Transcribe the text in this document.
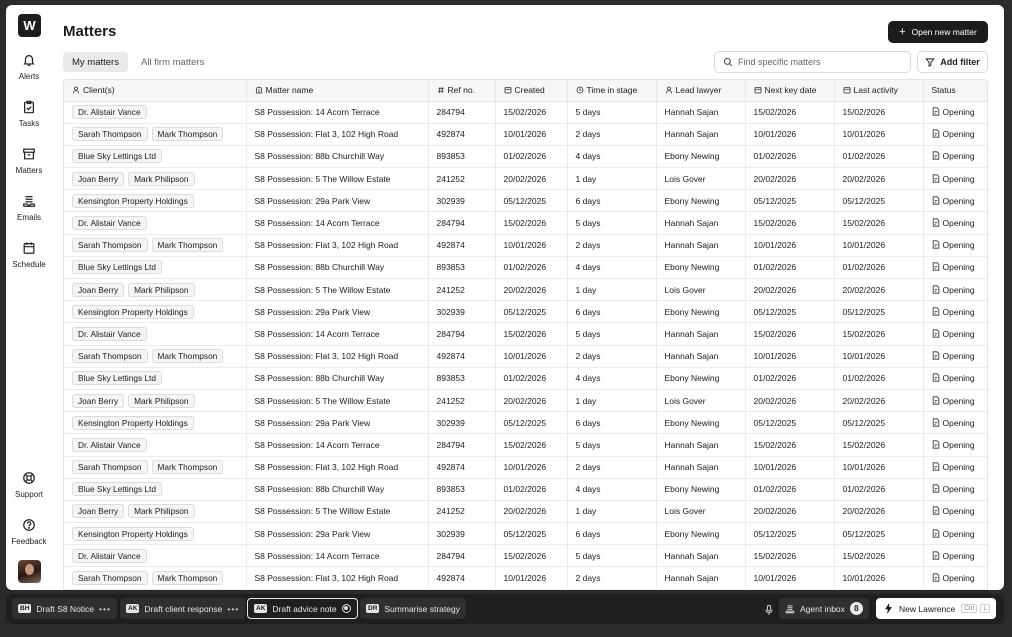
W
Alerts
Tasks
Matters
Emails
Schedule
Support
Feedback
Matters	+ Open new matter
My matters	All firm matters
Find specific matters	Add filter
Client(s)	Matter name	Ref no.	Created	Time in stage	Lead lawyer	Next key date	Last activity	Status
Dr. Alistair Vance	S8 Possession: 14 Acorn Terrace	284794	15/02/2026	5 days	Hannah Sajan	15/02/2026	15/02/2026	Opening
Sarah Thompson Mark Thompson	S8 Possession: Flat 3, 102 High Road	492874	10/01/2026	2 days	Hannah Sajan	10/01/2026	10/01/2026	Opening
Blue Sky Lettings Ltd	S8 Possession: 88b Churchill Way	893853	01/02/2026	4 days	Ebony Newing	01/02/2026	01/02/2026	Opening
Joan Berry Mark Philipson	S8 Possession: 5 The Willow Estate	241252	20/02/2026	1 day	Lois Gover	20/02/2026	20/02/2026	Opening
Kensington Property Holdings	S8 Possession: 29a Park View	302939	05/12/2025	6 days	Ebony Newing	05/12/2025	05/12/2025	Opening
Dr. Alistair Vance	S8 Possession: 14 Acorn Terrace	284794	15/02/2026	5 days	Hannah Sajan	15/02/2026	15/02/2026	Opening
Sarah Thompson Mark Thompson	S8 Possession: Flat 3, 102 High Road	492874	10/01/2026	2 days	Hannah Sajan	10/01/2026	10/01/2026	Opening
Blue Sky Lettings Ltd	S8 Possession: 88b Churchill Way	893853	01/02/2026	4 days	Ebony Newing	01/02/2026	01/02/2026	Opening
Joan Berry Mark Philipson	S8 Possession: 5 The Willow Estate	241252	20/02/2026	1 day	Lois Gover	20/02/2026	20/02/2026	Opening
Kensington Property Holdings	S8 Possession: 29a Park View	302939	05/12/2025	6 days	Ebony Newing	05/12/2025	05/12/2025	Opening
Dr. Alistair Vance	S8 Possession: 14 Acorn Terrace	284794	15/02/2026	5 days	Hannah Sajan	15/02/2026	15/02/2026	Opening
Sarah Thompson Mark Thompson	S8 Possession: Flat 3, 102 High Road	492874	10/01/2026	2 days	Hannah Sajan	10/01/2026	10/01/2026	Opening
Blue Sky Lettings Ltd	S8 Possession: 88b Churchill Way	893853	01/02/2026	4 days	Ebony Newing	01/02/2026	01/02/2026	Opening
Joan Berry Mark Philipson	S8 Possession: 5 The Willow Estate	241252	20/02/2026	1 day	Lois Gover	20/02/2026	20/02/2026	Opening
Kensington Property Holdings	S8 Possession: 29a Park View	302939	05/12/2025	6 days	Ebony Newing	05/12/2025	05/12/2025	Opening
Dr. Alistair Vance	S8 Possession: 14 Acorn Terrace	284794	15/02/2026	5 days	Hannah Sajan	15/02/2026	15/02/2026	Opening
Sarah Thompson Mark Thompson	S8 Possession: Flat 3, 102 High Road	492874	10/01/2026	2 days	Hannah Sajan	10/01/2026	10/01/2026	Opening
Blue Sky Lettings Ltd	S8 Possession: 88b Churchill Way	893853	01/02/2026	4 days	Ebony Newing	01/02/2026	01/02/2026	Opening
Joan Berry Mark Philipson	S8 Possession: 5 The Willow Estate	241252	20/02/2026	1 day	Lois Gover	20/02/2026	20/02/2026	Opening
Kensington Property Holdings	S8 Possession: 29a Park View	302939	05/12/2025	6 days	Ebony Newing	05/12/2025	05/12/2025	Opening
Dr. Alistair Vance	S8 Possession: 14 Acorn Terrace	284794	15/02/2026	5 days	Hannah Sajan	15/02/2026	15/02/2026	Opening
Sarah Thompson Mark Thompson	S8 Possession: Flat 3, 102 High Road	492874	10/01/2026	2 days	Hannah Sajan	10/01/2026	10/01/2026	Opening
BH Draft S8 Notice •••	AK Draft client response •••	AK Draft advice note	DR Summarise strategy	Agent inbox	8	New Lawrence	Ctrl	L
